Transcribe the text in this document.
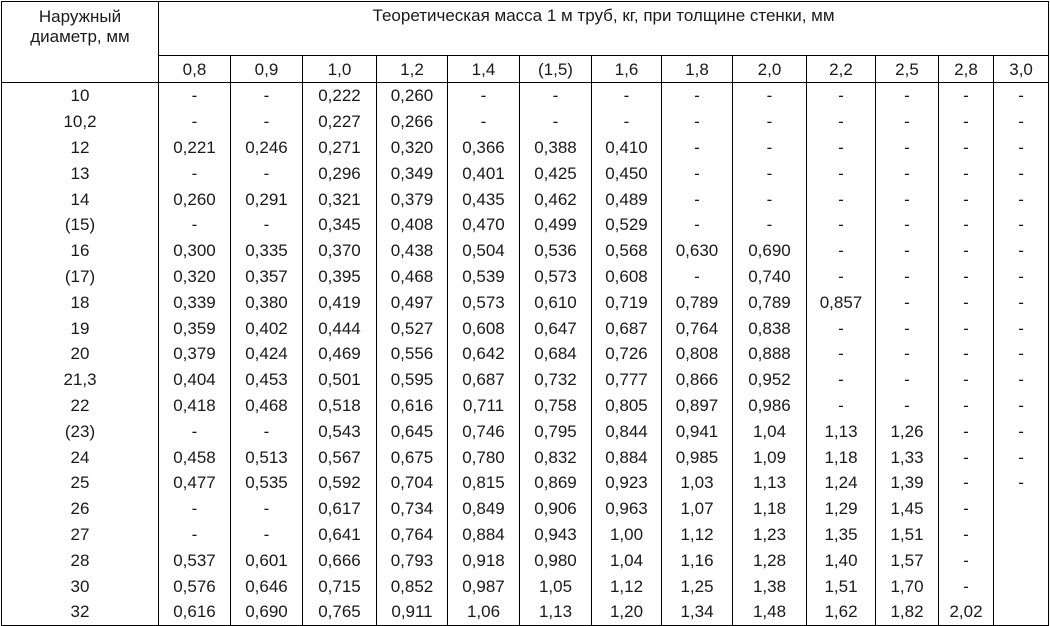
Наружный
диаметр, мм	Теоретическая масса 1 м труб, кг, при толщине стенки, мм												
	0,8	0,9	1,0	1,2	1,4	(1,5)	1,6	1,8	2,0	2,2	2,5	2,8	3,0
10	-	-	0,222	0,260	-	-	-	-	-	-	-	-	-
10,2	-	-	0,227	0,266	-	-	-	-	-	-	-	-	-
12	0,221	0,246	0,271	0,320	0,366	0,388	0,410	-	-	-	-	-	-
13	-	-	0,296	0,349	0,401	0,425	0,450	-	-	-	-	-	-
14	0,260	0,291	0,321	0,379	0,435	0,462	0,489	-	-	-	-	-	-
(15)	-	-	0,345	0,408	0,470	0,499	0,529	-	-	-	-	-	-
16	0,300	0,335	0,370	0,438	0,504	0,536	0,568	0,630	0,690	-	-	-	-
(17)	0,320	0,357	0,395	0,468	0,539	0,573	0,608	-	0,740	-	-	-	-
18	0,339	0,380	0,419	0,497	0,573	0,610	0,719	0,789	0,789	0,857	-	-	-
19	0,359	0,402	0,444	0,527	0,608	0,647	0,687	0,764	0,838	-	-	-	-
20	0,379	0,424	0,469	0,556	0,642	0,684	0,726	0,808	0,888	-	-	-	-
21,3	0,404	0,453	0,501	0,595	0,687	0,732	0,777	0,866	0,952	-	-	-	-
22	0,418	0,468	0,518	0,616	0,711	0,758	0,805	0,897	0,986	-	-	-	-
(23)	-	-	0,543	0,645	0,746	0,795	0,844	0,941	1,04	1,13	1,26	-	-
24	0,458	0,513	0,567	0,675	0,780	0,832	0,884	0,985	1,09	1,18	1,33	-	-
25	0,477	0,535	0,592	0,704	0,815	0,869	0,923	1,03	1,13	1,24	1,39	-	-
26	-	-	0,617	0,734	0,849	0,906	0,963	1,07	1,18	1,29	1,45	-	
27	-	-	0,641	0,764	0,884	0,943	1,00	1,12	1,23	1,35	1,51	-	
28	0,537	0,601	0,666	0,793	0,918	0,980	1,04	1,16	1,28	1,40	1,57	-	
30	0,576	0,646	0,715	0,852	0,987	1,05	1,12	1,25	1,38	1,51	1,70	-	
32	0,616	0,690	0,765	0,911	1,06	1,13	1,20	1,34	1,48	1,62	1,82	2,02	
